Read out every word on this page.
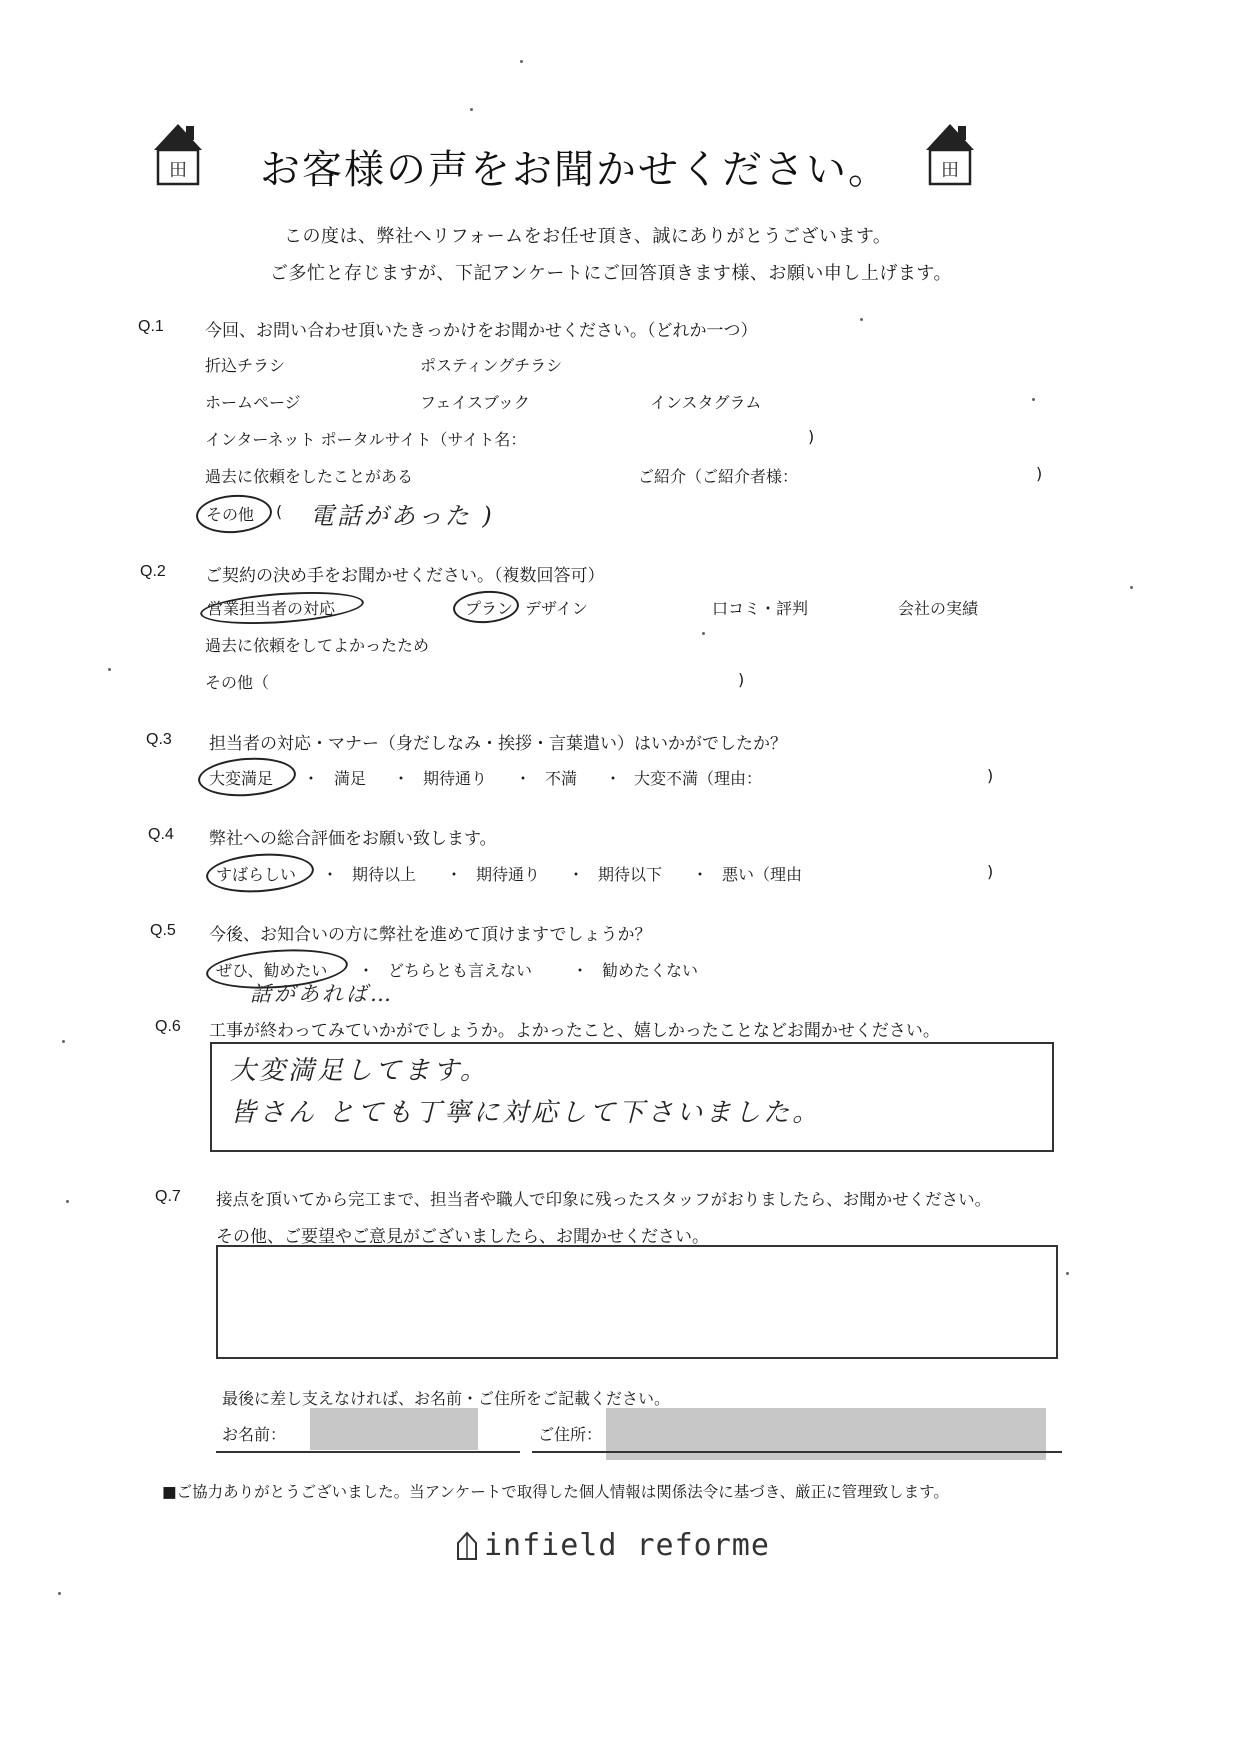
田 お客様の声をお聞かせください。	田
この度は、弊社へリフォームをお任せ頂き、誠にありがとうございます。
ご多忙と存じますが、下記アンケートにご回答頂きます様、お願い申し上げます。
Q.1 今回、お問い合わせ頂いたきっかけをお聞かせください。（どれか一つ）
折込チラシ	ポスティングチラシ
ホームページ	フェイスブック	インスタグラム
インターネット ポータルサイト（サイト名：	)
過去に依頼をしたことがある	ご紹介（ご紹介者様：	)
その他 ( 電話があった )
Q.2 ご契約の決め手をお聞かせください。（複数回答可）
営業担当者の対応	プラン デザイン	口コミ・評判	会社の実績
過去に依頼をしてよかったため
その他（	)
Q.3 担当者の対応・マナー（身だしなみ・挨拶・言葉遣い）はいかがでしたか？
大変満足 ・ 満足 ・ 期待通り ・ 不満 ・ 大変不満（理由：	)
Q.4 弊社への総合評価をお願い致します。
すばらしい ・ 期待以上 ・ 期待通り ・ 期待以下 ・ 悪い（理由	)
Q.5 今後、お知合いの方に弊社を進めて頂けますでしょうか？
ぜひ、勧めたい ・ どちらとも言えない ・ 勧めたくない
話があれば…
Q.6 工事が終わってみていかがでしょうか。よかったこと、嬉しかったことなどお聞かせください。
大変満足してます。
皆さん とても丁寧に対応して下さいました。
Q.7 接点を頂いてから完工まで、担当者や職人で印象に残ったスタッフがおりましたら、お聞かせください。
その他、ご要望やご意見がございましたら、お聞かせください。
最後に差し支えなければ、お名前・ご住所をご記載ください。
お名前：	ご住所：
■ご協力ありがとうございました。当アンケートで取得した個人情報は関係法令に基づき、厳正に管理致します。
infield reforme
